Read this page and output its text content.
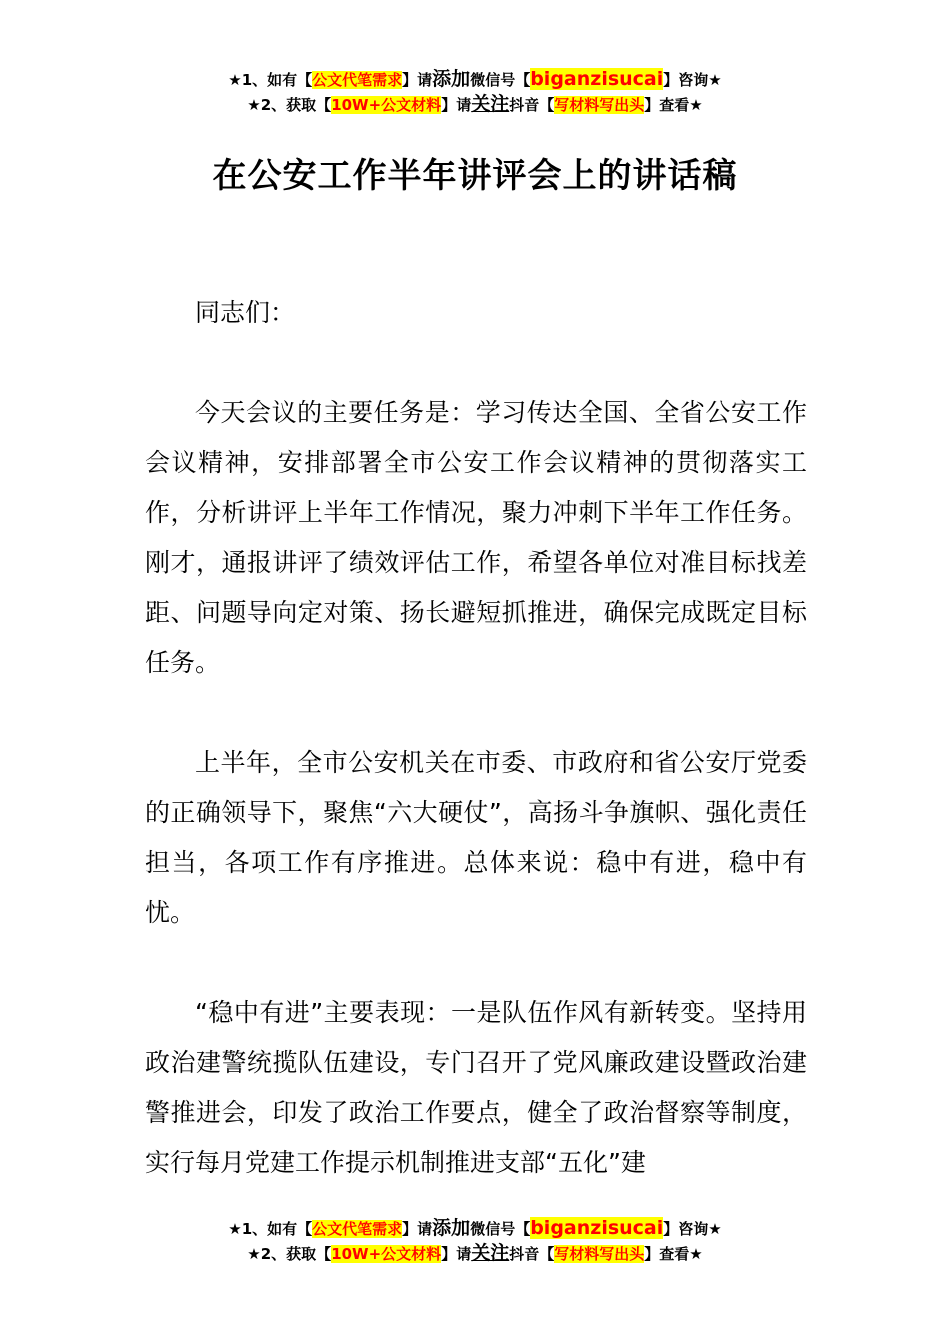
★1、如有【公文代笔需求】请添加微信号【biganzisucai】咨询★
★2、获取【10W+公文材料】请关注抖音【写材料写出头】查看★
在公安工作半年讲评会上的讲话稿

同志们：

今天会议的主要任务是：学习传达全国、全省公安工作会议精神，安排部署全市公安工作会议精神的贯彻落实工作，分析讲评上半年工作情况，聚力冲刺下半年工作任务。刚才，通报讲评了绩效评估工作，希望各单位对准目标找差距、问题导向定对策、扬长避短抓推进，确保完成既定目标任务。

上半年，全市公安机关在市委、市政府和省公安厅党委的正确领导下，聚焦“六大硬仗”，高扬斗争旗帜、强化责任担当，各项工作有序推进。总体来说：稳中有进，稳中有忧。

“稳中有进”主要表现：一是队伍作风有新转变。坚持用政治建警统揽队伍建设，专门召开了党风廉政建设暨政治建警推进会，印发了政治工作要点，健全了政治督察等制度，实行每月党建工作提示机制推进支部“五化”建

★1、如有【公文代笔需求】请添加微信号【biganzisucai】咨询★
★2、获取【10W+公文材料】请关注抖音【写材料写出头】查看★
